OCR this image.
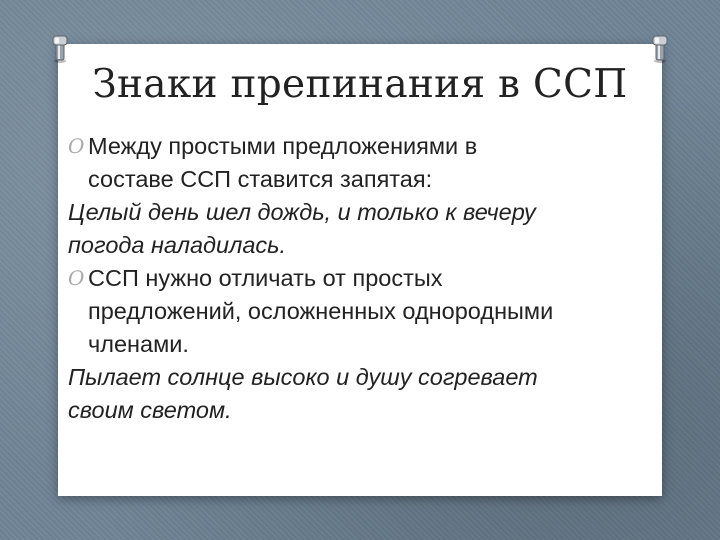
Знаки препинания в ССП
O Между простыми предложениями в
составе ССП ставится запятая:
Целый день шел дождь, и только к вечеру
погода наладилась.
O ССП нужно отличать от простых
предложений, осложненных однородными
членами.
Пылает солнце высоко и душу согревает
своим светом.
